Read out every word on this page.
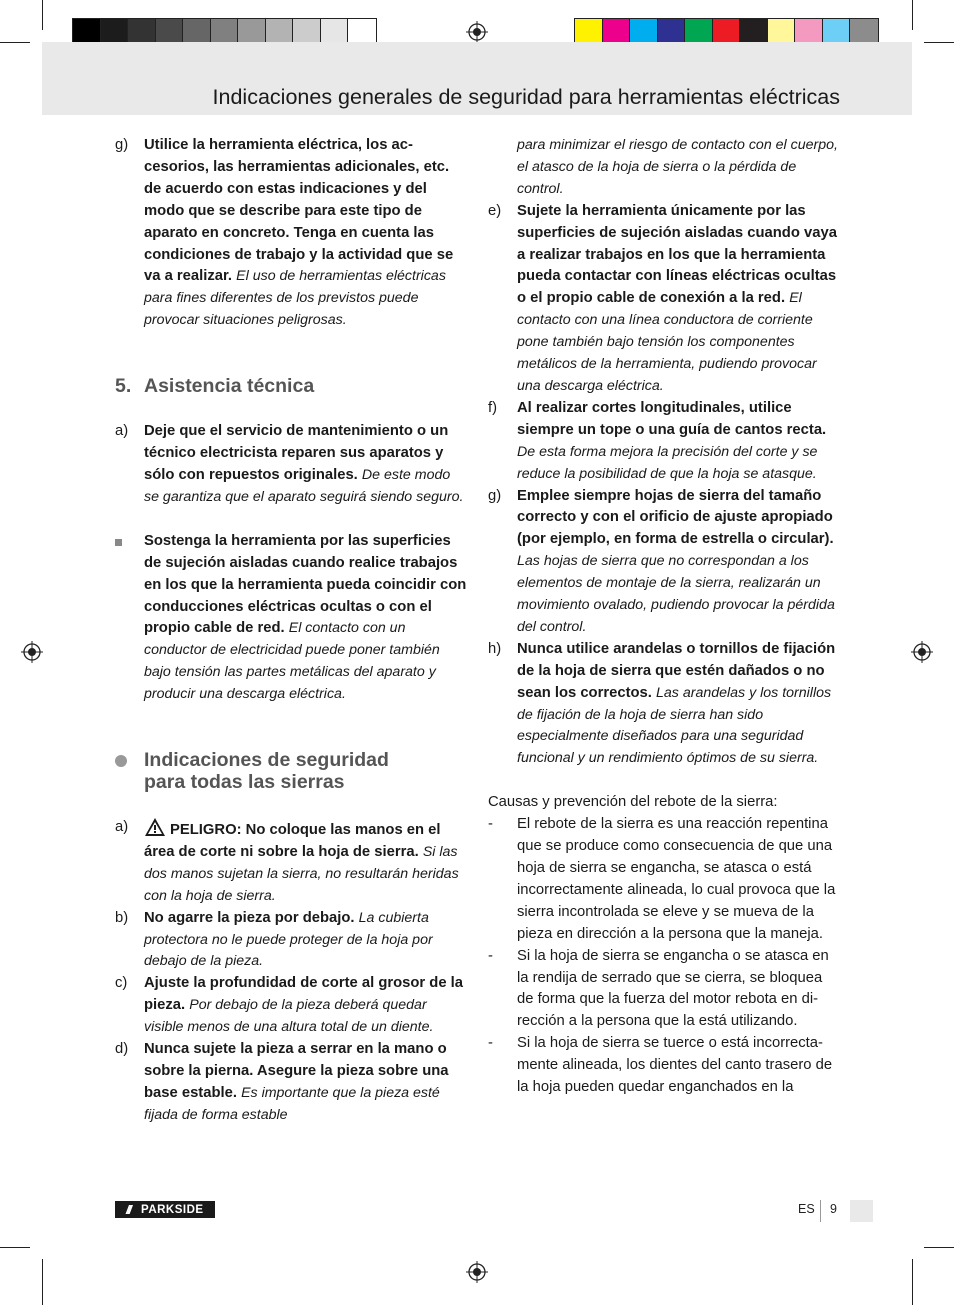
Indicaciones generales de seguridad para herramientas eléctricas
g) Utilice la herramienta eléctrica, los accesorios, las herramientas adicionales, etc. de acuerdo con estas indicaciones y del modo que se describe para este tipo de aparato en concreto. Tenga en cuenta las condiciones de trabajo y la actividad que se va a realizar. El uso de herramientas eléctricas para fines diferentes de los previstos puede provocar situaciones peligrosas.
5. Asistencia técnica
a) Deje que el servicio de mantenimiento o un técnico electricista reparen sus aparatos y sólo con repuestos originales. De este modo se garantiza que el aparato seguirá siendo seguro.
Sostenga la herramienta por las superficies de sujeción aisladas cuando realice trabajos en los que la herramienta pueda coincidir con conducciones eléctricas ocultas o con el propio cable de red. El contacto con un conductor de electricidad puede poner también bajo tensión las partes metálicas del aparato y producir una descarga eléctrica.
Indicaciones de seguridad
para todas las sierras
a)	PELIGRO: No coloque las manos en el área de corte ni sobre la hoja de sierra. Si las dos manos sujetan la sierra, no resultarán heridas con la hoja de sierra.
b) No agarre la pieza por debajo. La cubierta protectora no le puede proteger de la hoja por debajo de la pieza.
c) Ajuste la profundidad de corte al grosor de la pieza. Por debajo de la pieza deberá quedar visible menos de una altura total de un diente.
d) Nunca sujete la pieza a serrar en la mano o sobre la pierna. Asegure la pieza sobre una base estable. Es importante que la pieza esté fijada de forma estable
para minimizar el riesgo de contacto con el cuerpo, el atasco de la hoja de sierra o la pérdida de control.
e) Sujete la herramienta únicamente por las superficies de sujeción aisladas cuando vaya a realizar trabajos en los que la herramienta pueda contactar con líneas eléctricas ocultas o el propio cable de conexión a la red. El contacto con una línea conductora de corriente pone también bajo tensión los componentes metálicos de la herramienta, pudiendo provocar una descarga eléctrica.
f) Al realizar cortes longitudinales, utilice siempre un tope o una guía de cantos recta. De esta forma mejora la precisión del corte y se reduce la posibilidad de que la hoja se atasque.
g) Emplee siempre hojas de sierra del tamaño correcto y con el orificio de ajuste apropiado (por ejemplo, en forma de estrella o circular). Las hojas de sierra que no correspondan a los elementos de montaje de la sierra, realizarán un movimiento ovalado, pudiendo provocar la pérdida del control.
h) Nunca utilice arandelas o tornillos de fijación de la hoja de sierra que estén dañados o no sean los correctos. Las arandelas y los tornillos de fijación de la hoja de sierra han sido especialmente diseñados para una seguridad funcional y un rendimiento óptimos de su sierra.
Causas y prevención del rebote de la sierra:
- El rebote de la sierra es una reacción repentina que se produce como consecuencia de que una hoja de sierra se engancha, se atasca o está incorrectamente alineada, lo cual provoca que la sierra incontrolada se eleve y se mueva de la pieza en dirección a la persona que la maneja.
- Si la hoja de sierra se engancha o se atasca en la rendija de serrado que se cierra, se bloquea de forma que la fuerza del motor rebota en dirección a la persona que la está utilizando.
- Si la hoja de sierra se tuerce o está incorrectamente alineada, los dientes del canto trasero de la hoja pueden quedar enganchados en la
/// PARKSIDE	ES 9
